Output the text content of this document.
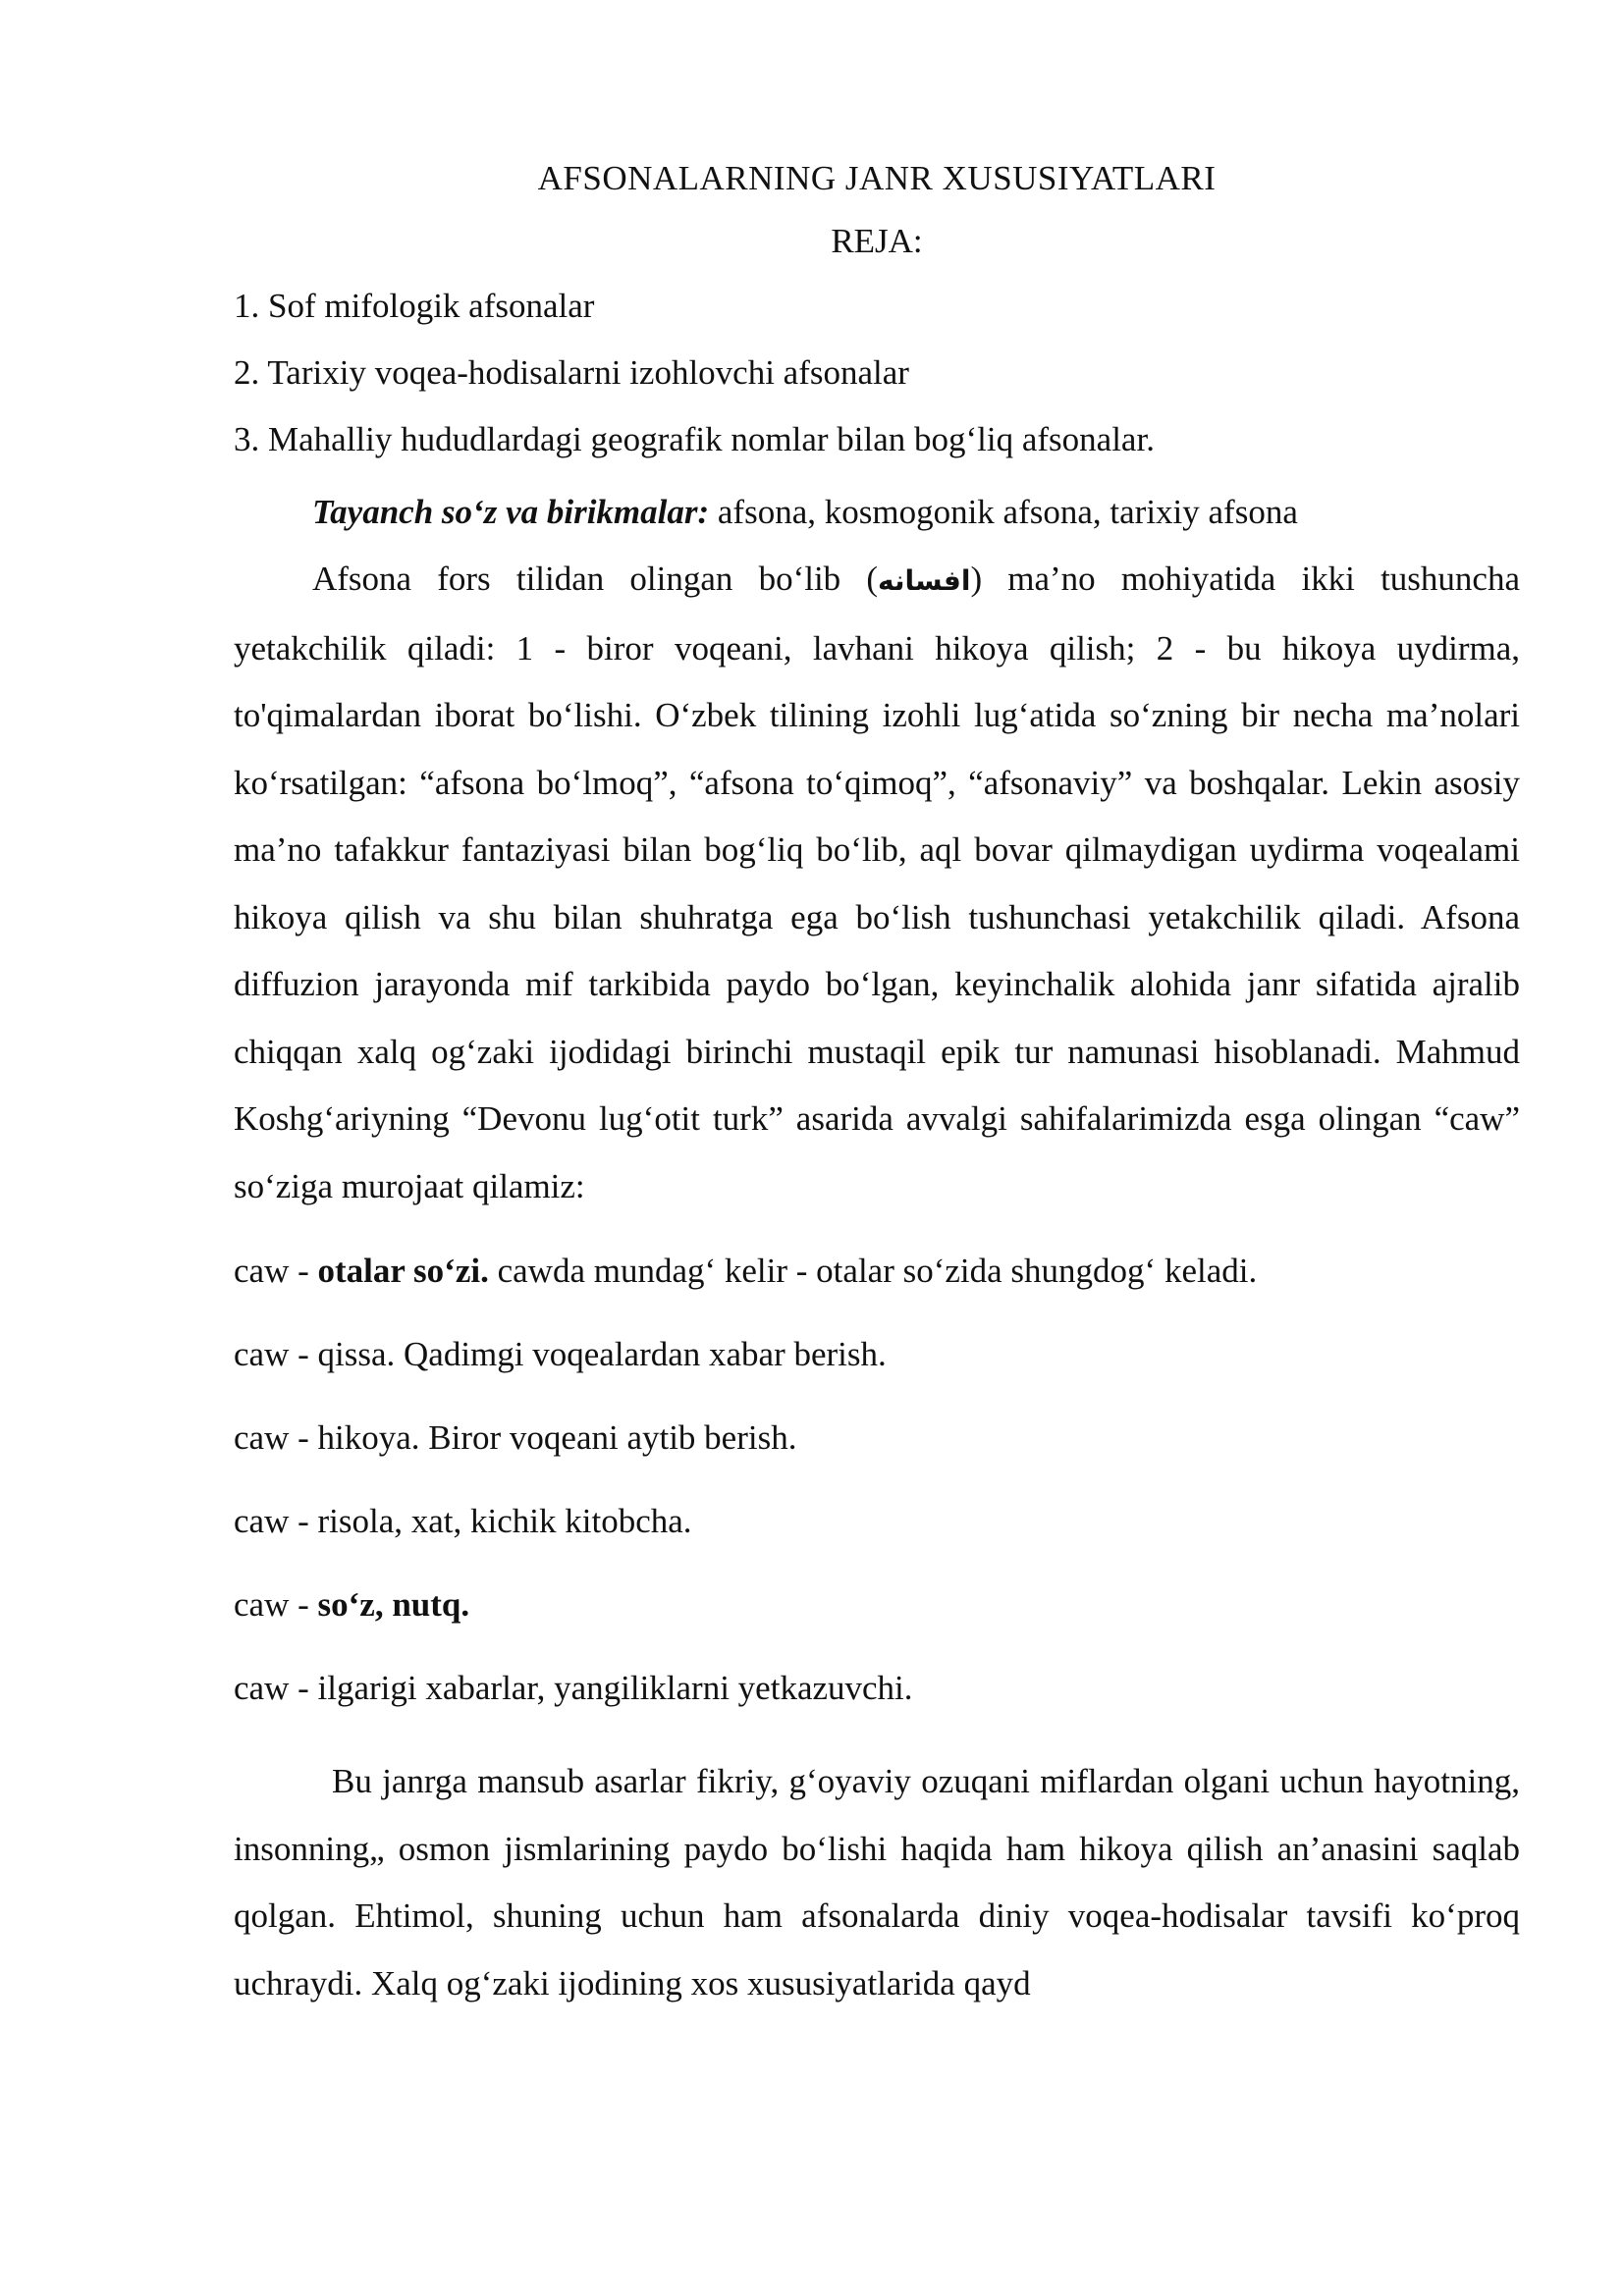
AFSONALARNING JANR XUSUSIYATLARI
REJA:
1. Sof mifologik afsonalar
2. Tarixiy voqea-hodisalarni izohlovchi afsonalar
3. Mahalliy hududlardagi geografik nomlar bilan bog‘liq afsonalar.
Tayanch so‘z va birikmalar: afsona, kosmogonik afsona, tarixiy afsona

Afsona fors tilidan olingan bo‘lib (افسانه) ma’no mohiyatida ikki tushuncha yetakchilik qiladi: 1 - biror voqeani, lavhani hikoya qilish; 2 - bu hikoya uydirma, to'qimalardan iborat bo‘lishi. O‘zbek tilining izohli lug‘atida so‘zning bir necha ma’nolari ko‘rsatilgan: “afsona bo‘lmoq”, “afsona to‘qimoq”, “afsonaviy” va boshqalar. Lekin asosiy ma’no tafakkur fantaziyasi bilan bog‘liq bo‘lib, aql bovar qilmaydigan uydirma voqealami hikoya qilish va shu bilan shuhratga ega bo‘lish tushunchasi yetakchilik qiladi. Afsona diffuzion jarayonda mif tarkibida paydo bo‘lgan, keyinchalik alohida janr sifatida ajralib chiqqan xalq og‘zaki ijodidagi birinchi mustaqil epik tur namunasi hisoblanadi. Mahmud Koshg‘ariyning “Devonu lug‘otit turk” asarida avvalgi sahifalarimizda esga olingan “caw” so‘ziga murojaat qilamiz:

caw - otalar so‘zi. cawda mundag‘ kelir - otalar so‘zida shungdog‘ keladi.
caw - qissa. Qadimgi voqealardan xabar berish.
caw - hikoya. Biror voqeani aytib berish.
caw - risola, xat, kichik kitobcha.
caw - so‘z, nutq.
caw - ilgarigi xabarlar, yangiliklarni yetkazuvchi.

Bu janrga mansub asarlar fikriy, g‘oyaviy ozuqani miflardan olgani uchun hayotning, insonning„ osmon jismlarining paydo bo‘lishi haqida ham hikoya qilish an’anasini saqlab qolgan. Ehtimol, shuning uchun ham afsonalarda diniy voqea-hodisalar tavsifi ko‘proq uchraydi. Xalq og‘zaki ijodining xos xususiyatlarida qayd
